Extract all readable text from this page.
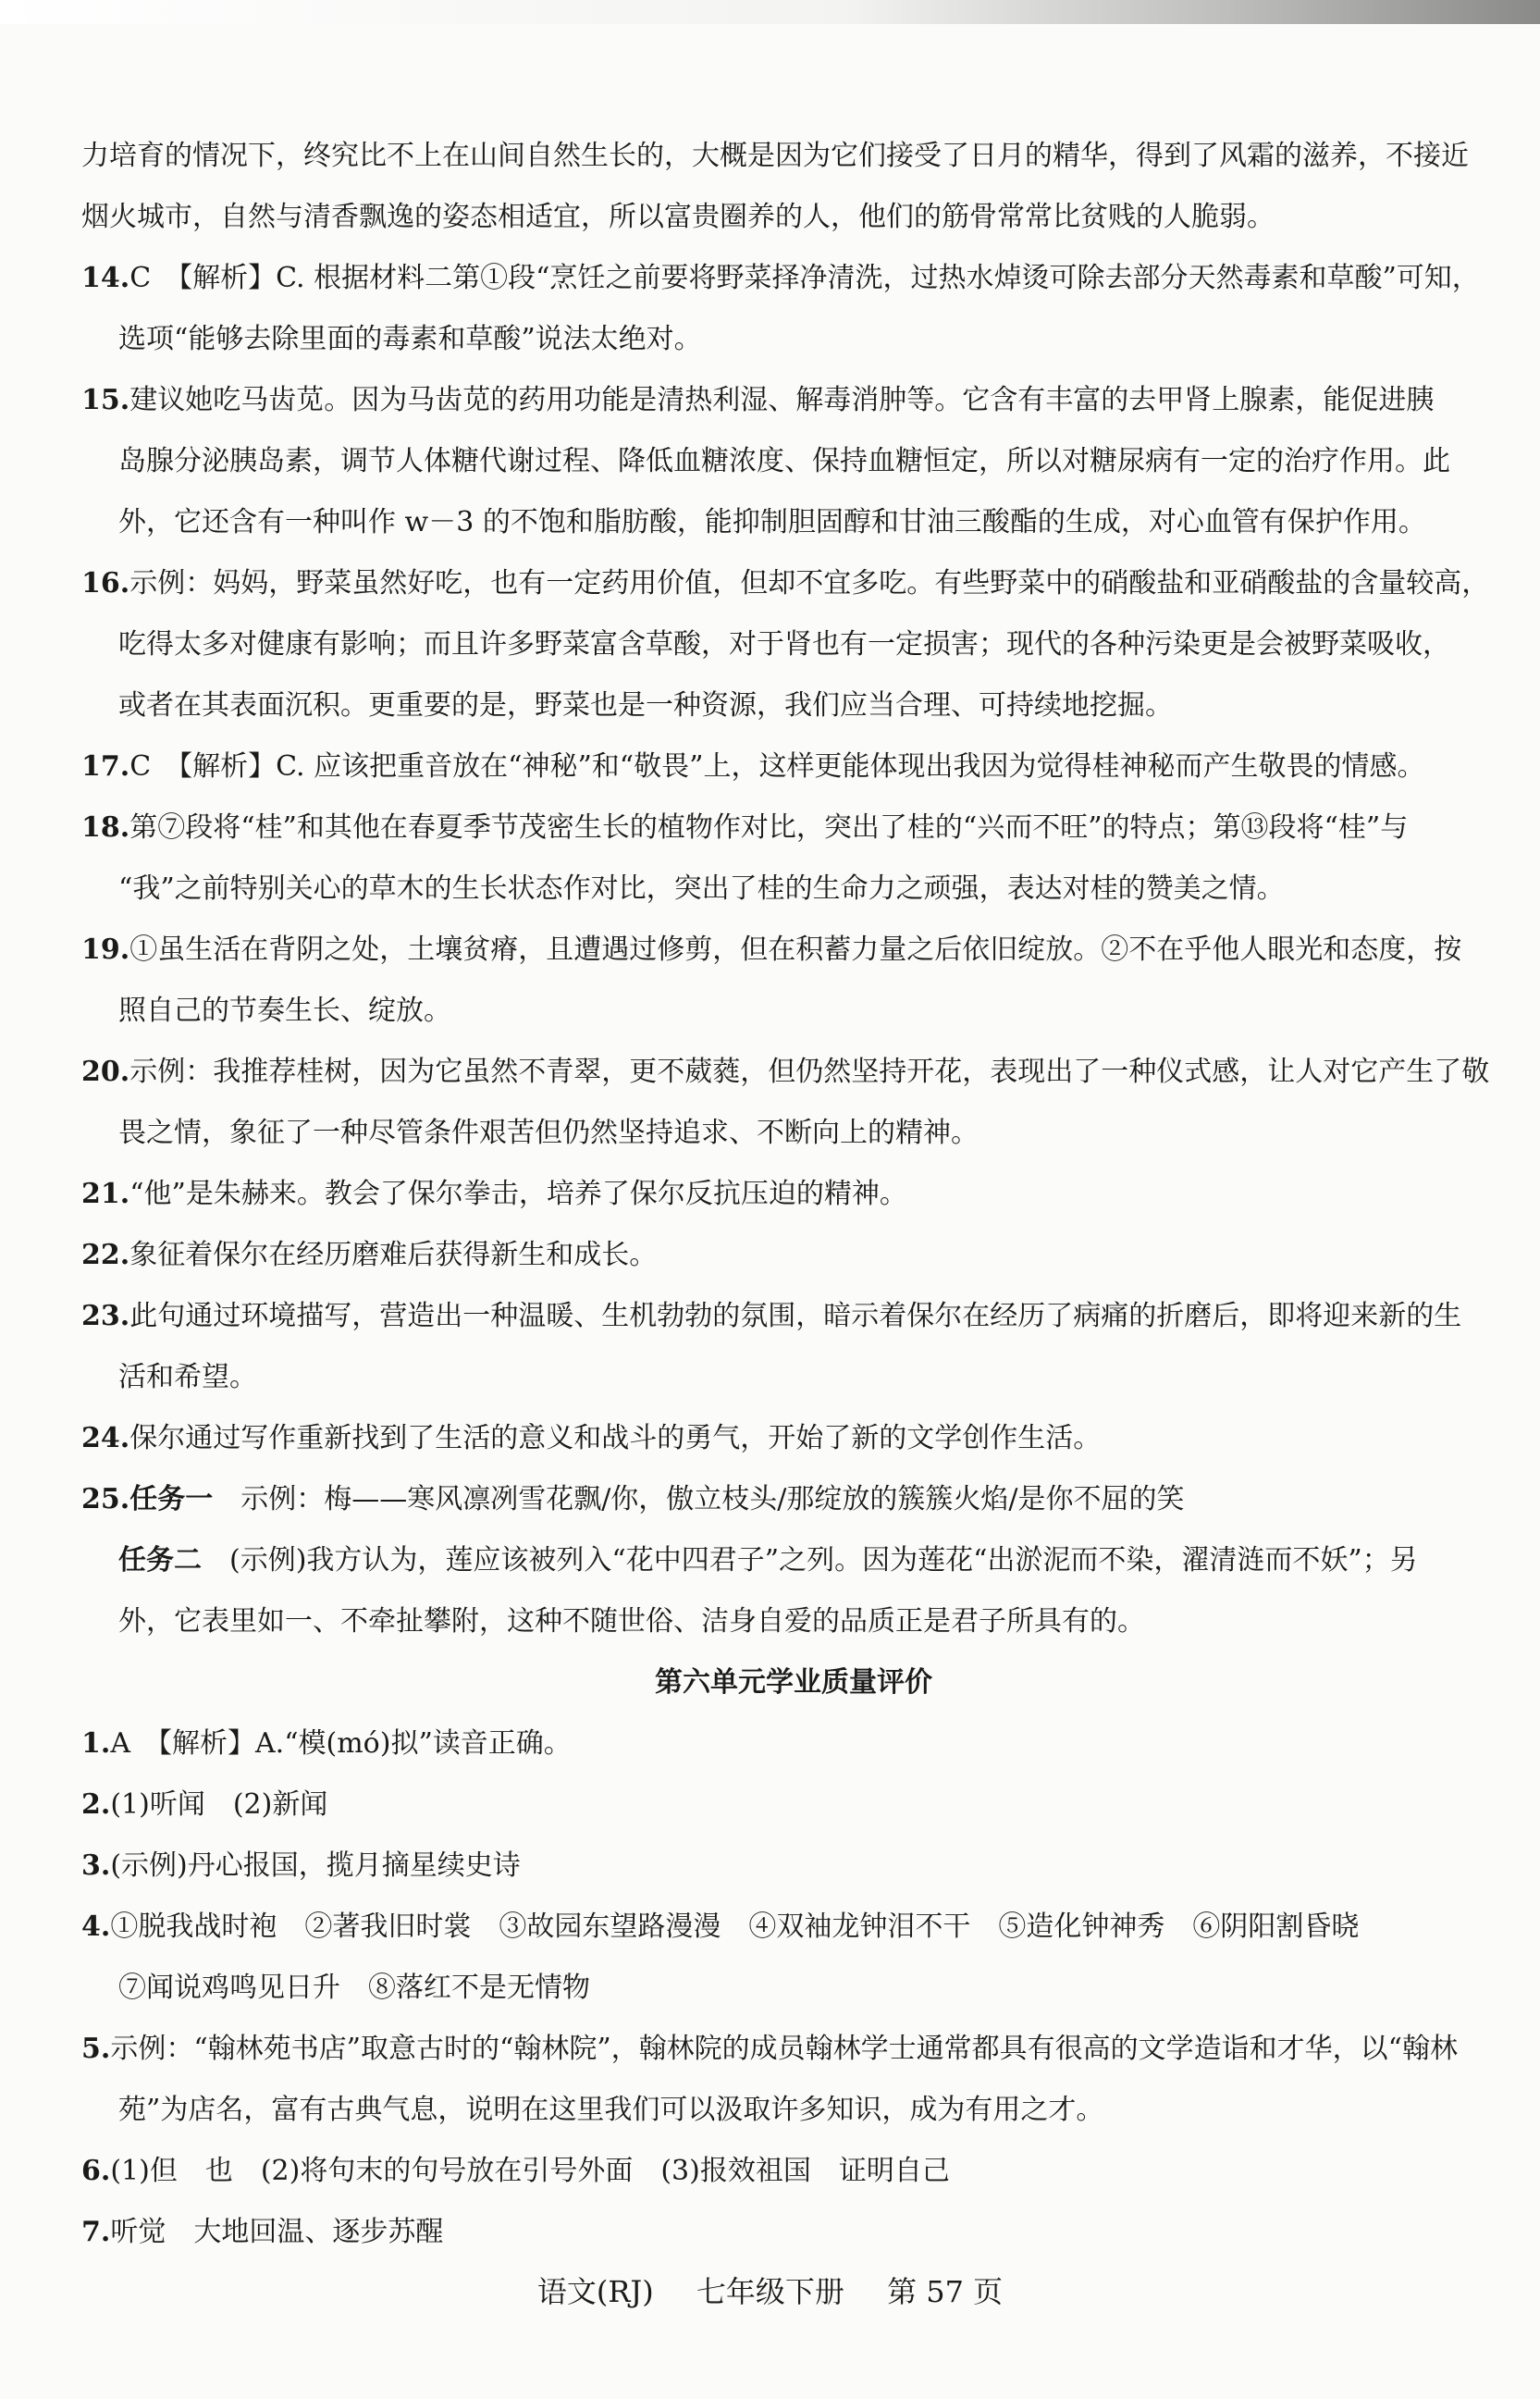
力培育的情况下，终究比不上在山间自然生长的，大概是因为它们接受了日月的精华，得到了风霜的滋养，不接近
烟火城市，自然与清香飘逸的姿态相适宜，所以富贵圈养的人，他们的筋骨常常比贫贱的人脆弱。
14.C　【解析】C. 根据材料二第①段“烹饪之前要将野菜择净清洗，过热水焯烫可除去部分天然毒素和草酸”可知，
选项“能够去除里面的毒素和草酸”说法太绝对。
15.建议她吃马齿苋。因为马齿苋的药用功能是清热利湿、解毒消肿等。它含有丰富的去甲肾上腺素，能促进胰
岛腺分泌胰岛素，调节人体糖代谢过程、降低血糖浓度、保持血糖恒定，所以对糖尿病有一定的治疗作用。此
外，它还含有一种叫作 w－3 的不饱和脂肪酸，能抑制胆固醇和甘油三酸酯的生成，对心血管有保护作用。
16.示例：妈妈，野菜虽然好吃，也有一定药用价值，但却不宜多吃。有些野菜中的硝酸盐和亚硝酸盐的含量较高，
吃得太多对健康有影响；而且许多野菜富含草酸，对于肾也有一定损害；现代的各种污染更是会被野菜吸收，
或者在其表面沉积。更重要的是，野菜也是一种资源，我们应当合理、可持续地挖掘。
17.C　【解析】C. 应该把重音放在“神秘”和“敬畏”上，这样更能体现出我因为觉得桂神秘而产生敬畏的情感。
18.第⑦段将“桂”和其他在春夏季节茂密生长的植物作对比，突出了桂的“兴而不旺”的特点；第⑬段将“桂”与
“我”之前特别关心的草木的生长状态作对比，突出了桂的生命力之顽强，表达对桂的赞美之情。
19.①虽生活在背阴之处，土壤贫瘠，且遭遇过修剪，但在积蓄力量之后依旧绽放。②不在乎他人眼光和态度，按
照自己的节奏生长、绽放。
20.示例：我推荐桂树，因为它虽然不青翠，更不葳蕤，但仍然坚持开花，表现出了一种仪式感，让人对它产生了敬
畏之情，象征了一种尽管条件艰苦但仍然坚持追求、不断向上的精神。
21.“他”是朱赫来。教会了保尔拳击，培养了保尔反抗压迫的精神。
22.象征着保尔在经历磨难后获得新生和成长。
23.此句通过环境描写，营造出一种温暖、生机勃勃的氛围，暗示着保尔在经历了病痛的折磨后，即将迎来新的生
活和希望。
24.保尔通过写作重新找到了生活的意义和战斗的勇气，开始了新的文学创作生活。
25.任务一　示例：梅——寒风凛冽雪花飘/你，傲立枝头/那绽放的簇簇火焰/是你不屈的笑
任务二　(示例)我方认为，莲应该被列入“花中四君子”之列。因为莲花“出淤泥而不染，濯清涟而不妖”；另
外，它表里如一、不牵扯攀附，这种不随世俗、洁身自爱的品质正是君子所具有的。
第六单元学业质量评价
1.A　【解析】A.“模(mó)拟”读音正确。
2.(1)听闻　(2)新闻
3.(示例)丹心报国，揽月摘星续史诗
4.①脱我战时袍　②著我旧时裳　③故园东望路漫漫　④双袖龙钟泪不干　⑤造化钟神秀　⑥阴阳割昏晓
⑦闻说鸡鸣见日升　⑧落红不是无情物
5.示例：“翰林苑书店”取意古时的“翰林院”，翰林院的成员翰林学士通常都具有很高的文学造诣和才华，以“翰林
苑”为店名，富有古典气息，说明在这里我们可以汲取许多知识，成为有用之才。
6.(1)但　也　(2)将句末的句号放在引号外面　(3)报效祖国　证明自己
7.听觉　大地回温、逐步苏醒
语文(RJ) 七年级下册 第 57 页
